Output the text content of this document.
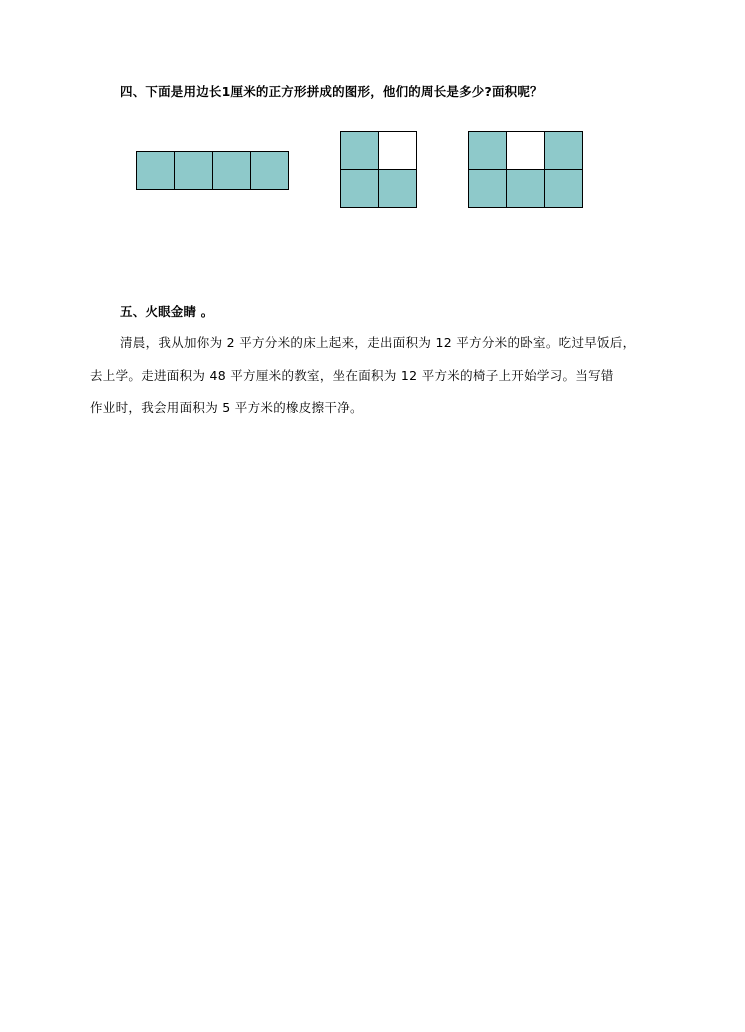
四、下面是用边长1厘米的正方形拼成的图形，他们的周长是多少?面积呢？
五、火眼金睛 。
清晨，我从加你为 2 平方分米的床上起来，走出面积为 12 平方分米的卧室。吃过早饭后，
去上学。走进面积为 48 平方厘米的教室，坐在面积为 12 平方米的椅子上开始学习。当写错
作业时，我会用面积为 5 平方米的橡皮擦干净。
